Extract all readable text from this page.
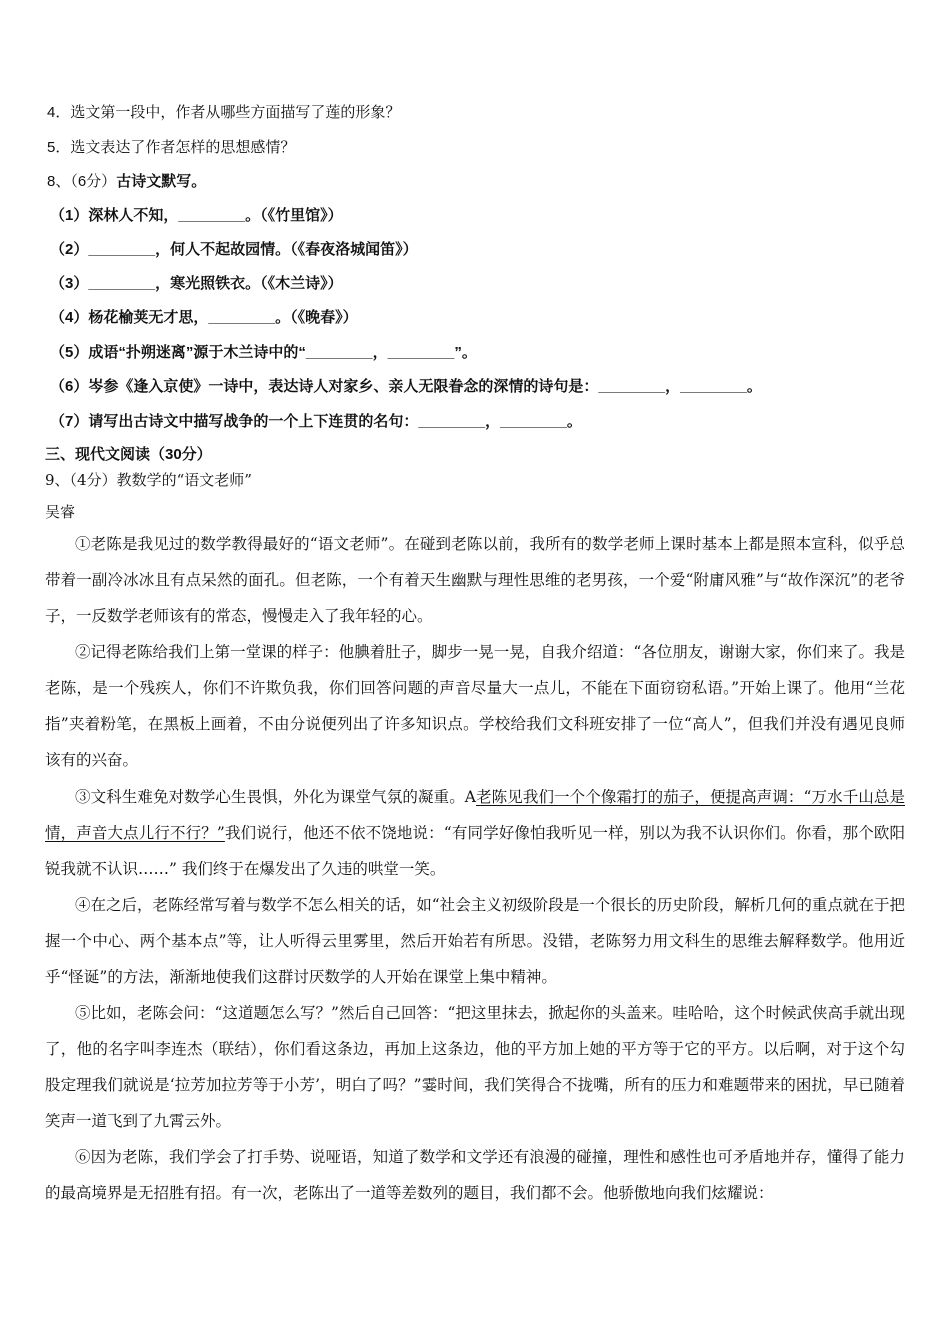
4．选文第一段中，作者从哪些方面描写了莲的形象？
5．选文表达了作者怎样的思想感情？
8、（6分）古诗文默写。
（1）深林人不知，________。（《竹里馆》）
（2）________，何人不起故园情。（《春夜洛城闻笛》）
（3）________，寒光照铁衣。（《木兰诗》）
（4）杨花榆荚无才思，________。（《晚春》）
（5）成语“扑朔迷离”源于木兰诗中的“________，________”。
（6）岑参《逢入京使》一诗中，表达诗人对家乡、亲人无限眷念的深情的诗句是：________，________。
（7）请写出古诗文中描写战争的一个上下连贯的名句：________，________。
三、现代文阅读（30分）
9、（4分）教数学的“语文老师”
吴睿
①老陈是我见过的数学教得最好的“语文老师”。在碰到老陈以前，我所有的数学老师上课时基本上都是照本宣科，似乎总带着一副冷冰冰且有点呆然的面孔。但老陈，一个有着天生幽默与理性思维的老男孩，一个爱“附庸风雅”与“故作深沉”的老爷子，一反数学老师该有的常态，慢慢走入了我年轻的心。
②记得老陈给我们上第一堂课的样子：他腆着肚子，脚步一晃一晃，自我介绍道：“各位朋友，谢谢大家，你们来了。我是老陈，是一个残疾人，你们不许欺负我，你们回答问题的声音尽量大一点儿，不能在下面窃窃私语。”开始上课了。他用“兰花指”夹着粉笔，在黑板上画着，不由分说便列出了许多知识点。学校给我们文科班安排了一位“高人”，但我们并没有遇见良师该有的兴奋。
③文科生难免对数学心生畏惧，外化为课堂气氛的凝重。A老陈见我们一个个像霜打的茄子，便提高声调：“万水千山总是情，声音大点儿行不行？”我们说行，他还不依不饶地说：“有同学好像怕我听见一样，别以为我不认识你们。你看，那个欧阳锐我就不认识……” 我们终于在爆发出了久违的哄堂一笑。
④在之后，老陈经常写着与数学不怎么相关的话，如“社会主义初级阶段是一个很长的历史阶段，解析几何的重点就在于把握一个中心、两个基本点”等，让人听得云里雾里，然后开始若有所思。没错，老陈努力用文科生的思维去解释数学。他用近乎“怪诞”的方法，渐渐地使我们这群讨厌数学的人开始在课堂上集中精神。
⑤比如，老陈会问：“这道题怎么写？”然后自己回答：“把这里抹去，掀起你的头盖来。哇哈哈，这个时候武侠高手就出现了，他的名字叫李连杰（联结），你们看这条边，再加上这条边，他的平方加上她的平方等于它的平方。以后啊，对于这个勾股定理我们就说是‘拉芳加拉芳等于小芳’，明白了吗？”霎时间，我们笑得合不拢嘴，所有的压力和难题带来的困扰，早已随着笑声一道飞到了九霄云外。
⑥因为老陈，我们学会了打手势、说哑语，知道了数学和文学还有浪漫的碰撞，理性和感性也可矛盾地并存，懂得了能力的最高境界是无招胜有招。有一次，老陈出了一道等差数列的题目，我们都不会。他骄傲地向我们炫耀说：
